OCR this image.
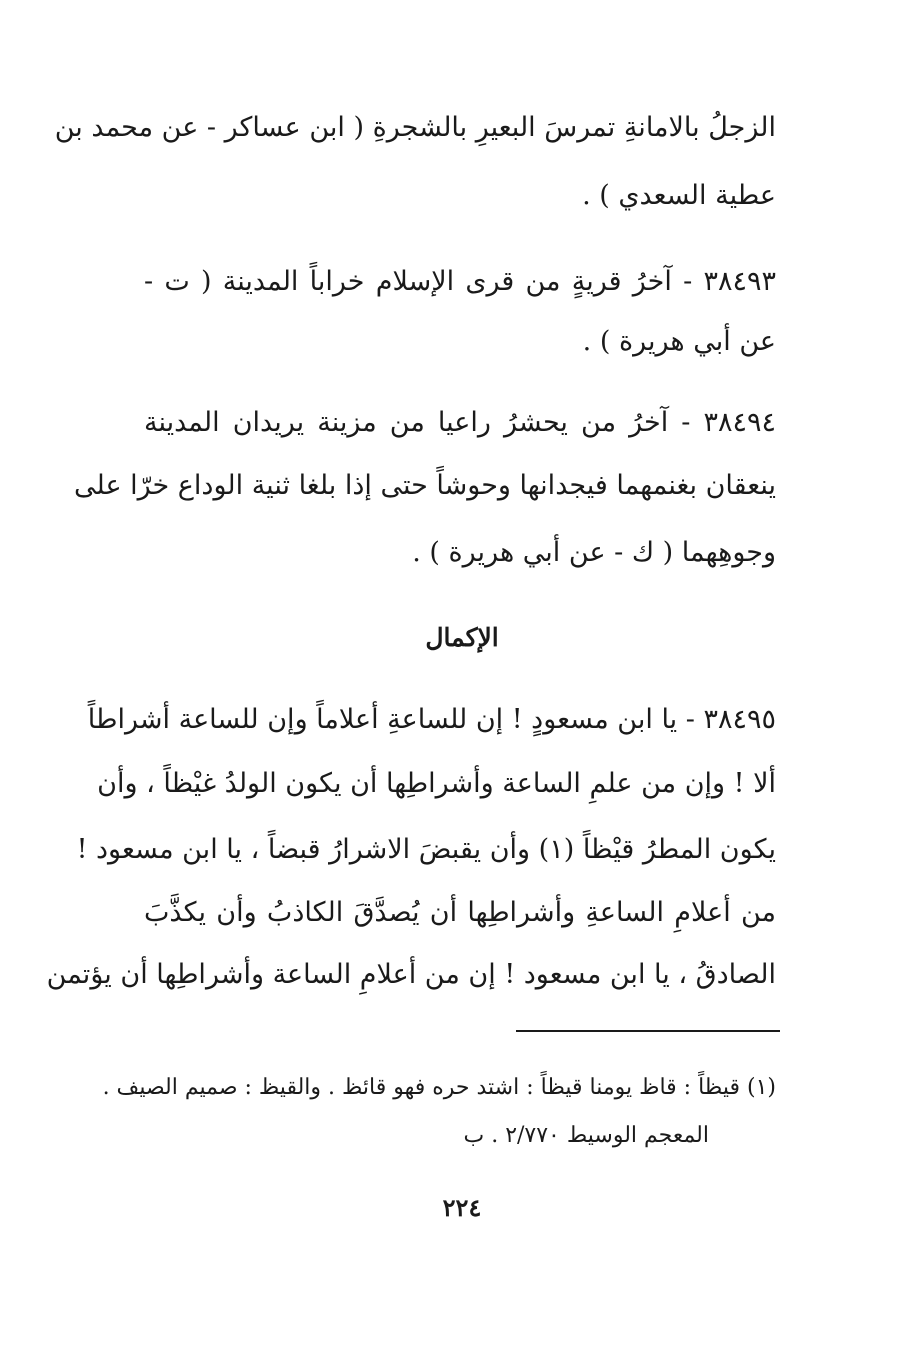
الزجلُ بالامانةِ تمرسَ البعيرِ بالشجرةِ ( ابن عساكر - عن محمد بن
عطية السعدي ) .
٣٨٤٩٣ - آخرُ قريةٍ من قرى الإسلام خراباً المدينة ( ت -
عن أبي هريرة ) .
٣٨٤٩٤ - آخرُ من يحشرُ راعيا من مزينة يريدان المدينة
ينعقان بغنمهما فيجدانها وحوشاً حتى إذا بلغا ثنية الوداع خرّا على
وجوهِهما ( ك - عن أبي هريرة ) .
الإكمال
٣٨٤٩٥ - يا ابن مسعودٍ ! إن للساعةِ أعلاماً وإن للساعة أشراطاً
ألا ! وإن من علمِ الساعة وأشراطِها أن يكون الولدُ غيْظاً ، وأن
يكون المطرُ قيْظاً (١) وأن يقبضَ الاشرارُ قبضاً ، يا ابن مسعود !
من أعلامِ الساعةِ وأشراطِها أن يُصدَّقَ الكاذبُ وأن يكذَّبَ
الصادقُ ، يا ابن مسعود ! إن من أعلامِ الساعة وأشراطِها أن يؤتمن
(١) قيظاً : قاظ يومنا قيظاً : اشتد حره فهو قائظ . والقيظ : صميم الصيف .
المعجم الوسيط ٢/٧٧٠ . ب
٢٢٤
